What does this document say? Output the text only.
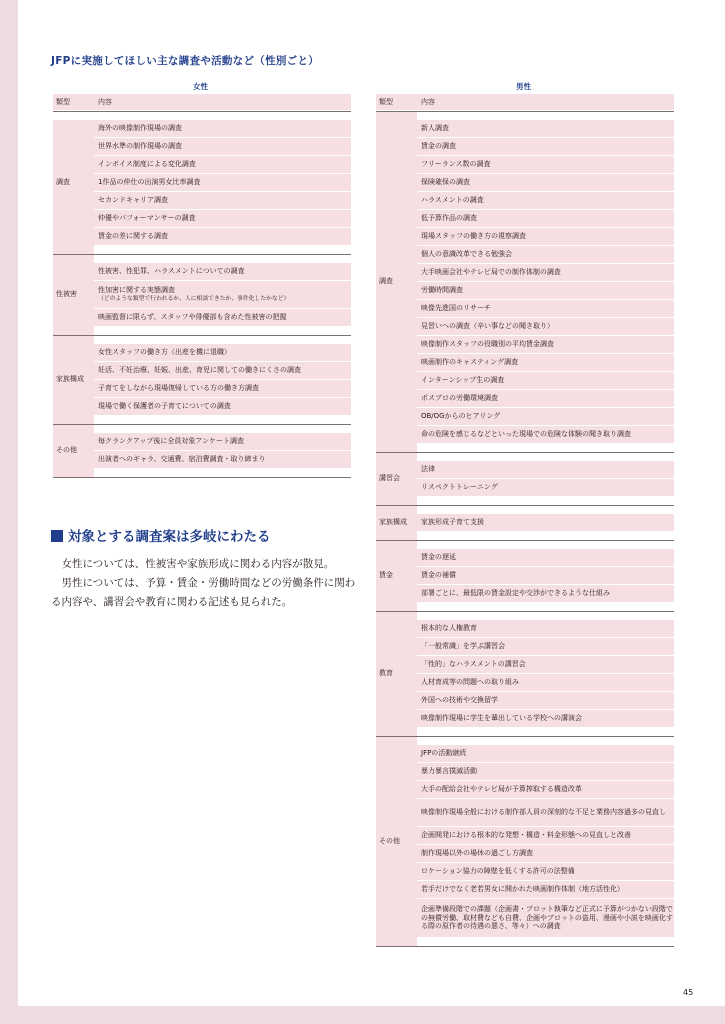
JFPに実施してほしい主な調査や活動など（性別ごと）
女性	男性
類型	内容

調査	海外の映像制作現場の調査
	世界水準の制作現場の調査
	インボイス制度による変化調査
	1作品の仲仕の出演男女比率調査
	セカンドキャリア調査
	仲優やパフォーマンサーの調査
	賃金の差に関する調査

性被害	性被害、性犯罪、ハラスメントについての調査
	性加害に関する実態調査
（どのような類型で行われるか、人に相談できたか、事件化したかなど）
	映画監督に限らず、スタッフや俳優部も含めた性被害の把握

家族構成	女性スタッフの働き方（出産を機に退職）
	妊活、不妊治療、妊娠、出産、育児に関しての働きにくさの調査
	子育てをしながら現場復帰している方の働き方調査
	現場で働く保護者の子育てについての調査

その他	毎クランクアップ後に全員対象アンケート調査
	出演者へのギャラ、交通費、宿泊費調査・取り締まり

類型	内容

調査	新人調査
	賃金の調査
	フリーランス数の調査
	保険確保の調査
	ハラスメントの調査
	低予算作品の調査
	現場スタッフの働き方の視察調査
	個人の意識改革できる勉強会
	大手映画会社やテレビ局での制作体制の調査
	労働時間調査
	映像先進国のリサーチ
	見習いへの調査（辛い事などの聞き取り）
	映像制作スタッフの役職別の平均賃金調査
	映画制作のキャスティング調査
	インターンシップ生の調査
	ポスプロの労働環境調査
	OB/OGからのヒアリング
	命の危険を感じるなどといった現場での危険な体験の聞き取り調査

講習会	法律
	リスペクトトレーニング

家族構成	家族形成子育て支援

賃金	賃金の遅延
	賃金の補償
	部署ごとに、最低限の賃金設定や交渉ができるような仕組み

教育	根本的な人権教育
	「一般常識」を学ぶ講習会
	「性的」なハラスメントの講習会
	人材育成等の問題への取り組み
	外国への技術や交換留学
	映像制作現場に学生を輩出している学校への講演会

その他	JFPの活動継続
	暴力暴言撲滅活動
	大手の配給会社やテレビ局が予算搾取する構造改革
	映像制作現場全般における制作部人員の深刻的な不足と業務内容過多の見直し
	企画開発における根本的な発想・構造・料金形態への見直しと改善
	制作現場以外の場休の過ごし方調査
	ロケーション協力の障壁を低くする許可の法整備
	若手だけでなく老若男女に開かれた映画制作体制（地方活性化）
	企画準備段階での課題（企画書・プロット執筆など正式に予算がつかない段階での無償労働、取材費なども自費、企画やプロットの盗用、漫画や小説を映画化する際の原作者の待遇の悪さ、等々）への調査

対象とする調査案は多岐にわたる

女性については、性被害や家族形成に関わる内容が散見。

男性については、予算・賃金・労働時間などの労働条件に関わる内容や、講習会や教育に関わる記述も見られた。

45
